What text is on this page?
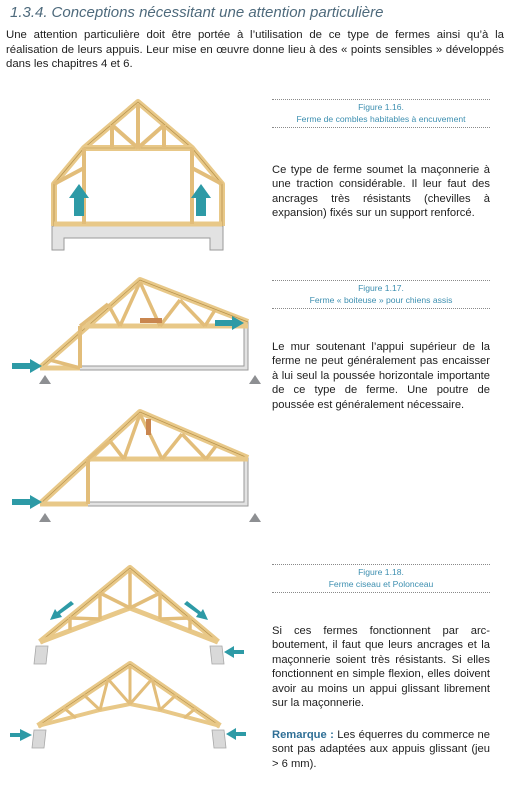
1.3.4. Conceptions nécessitant une attention particulière

Une attention particulière doit être portée à l’utilisation de ce type de fermes ainsi qu’à la réalisation de leurs appuis. Leur mise en œuvre donne lieu à des « points sensibles » développés dans les chapitres 4 et 6.

Figure 1.16.
Ferme de combles habitables à encuvement

Ce type de ferme soumet la maçonnerie à une traction considérable. Il leur faut des ancrages très résistants (chevilles à expansion) fixés sur un support renforcé.

Figure 1.17.
Ferme « boiteuse » pour chiens assis

Le mur soutenant l’appui supérieur de la ferme ne peut généralement pas encaisser à lui seul la poussée horizontale importante de ce type de ferme. Une poutre de poussée est généralement nécessaire.

Figure 1.18.
Ferme ciseau et Polonceau

Si ces fermes fonctionnent par arc-boutement, il faut que leurs ancrages et la maçonnerie soient très résistants. Si elles fonctionnent en simple flexion, elles doivent avoir au moins un appui glissant librement sur la maçonnerie.

Remarque : Les équerres du commerce ne sont pas adaptées aux appuis glissant (jeu > 6 mm).
